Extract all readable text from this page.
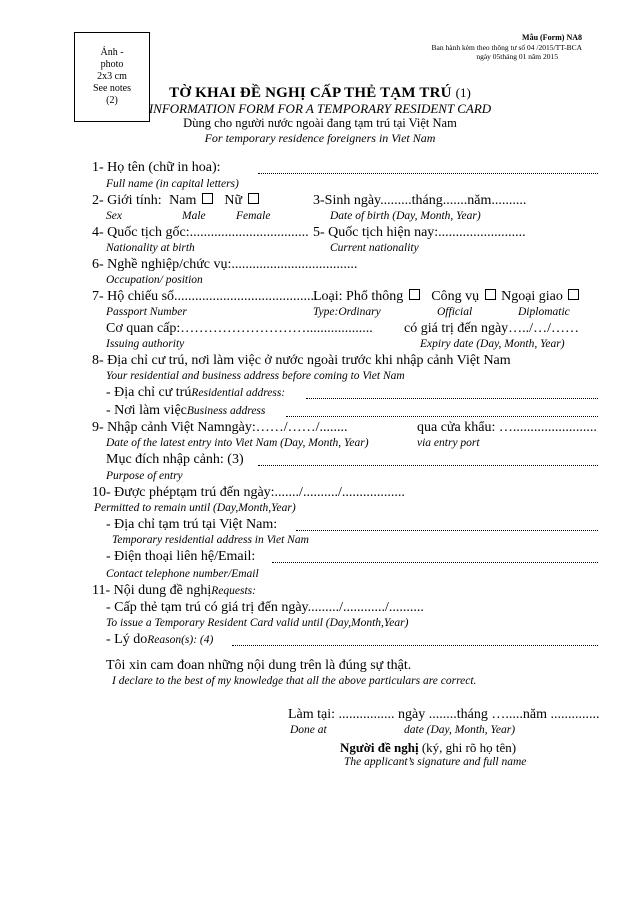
Ảnh -
photo
2x3 cm
See notes
(2)
Mẫu (Form) NA8
Ban hành kèm theo thông tư số 04 /2015/TT-BCA
ngày 05tháng 01 năm 2015
TỜ KHAI ĐỀ NGHỊ CẤP THẺ TẠM TRÚ (1)
INFORMATION FORM FOR A TEMPORARY RESIDENT CARD
Dùng cho người nước ngoài đang tạm trú tại Việt Nam
For temporary residence foreigners in Viet Nam
1- Họ tên (chữ in hoa):
Full name (in capital letters)
2- Giới tính: Nam Nữ	3-Sinh ngày.........tháng.......năm..........
Sex	Male	Female	Date of birth (Day, Month, Year)
4- Quốc tịch gốc:.................................. 5- Quốc tịch hiện nay:.........................
Nationality at birth	Current nationality
6- Nghề nghiệp/chức vụ:....................................
Occupation/ position
7- Hộ chiếu số.........................................
Loại: Phổ thông Công vụ Ngoại giao
Passport Number	Type:Ordinary	Official	Diplomatic
Cơ quan cấp:………………………................... có giá trị đến ngày…../…/……
Issuing authority	Expiry date (Day, Month, Year)
8- Địa chỉ cư trú, nơi làm việc ở nước ngoài trước khi nhập cảnh Việt Nam
Your residential and business address before coming to Viet Nam
- Địa chỉ cư trúResidential address:
- Nơi làm việcBusiness address
9- Nhập cảnh Việt Namngày:……/……/........	qua cửa khẩu: …........................
Date of the latest entry into Viet Nam (Day, Month, Year)	via entry port
Mục đích nhập cảnh: (3)
Purpose of entry
10- Được phéptạm trú đến ngày:......./........../..................
Permitted to remain until (Day,Month,Year)
- Địa chỉ tạm trú tại Việt Nam:
Temporary residential address in Viet Nam
- Điện thoại liên hệ/Email:
Contact telephone number/Email
11- Nội dung đề nghịRequests:
- Cấp thẻ tạm trú có giá trị đến ngày........./............/..........
To issue a Temporary Resident Card valid until (Day,Month,Year)
- Lý doReason(s): (4)
Tôi xin cam đoan những nội dung trên là đúng sự thật.
I declare to the best of my knowledge that all the above particulars are correct.
Làm tại: ................ ngày ........tháng ….....năm ..............
Done at	date (Day, Month, Year)
Người đề nghị (ký, ghi rõ họ tên)
The applicant’s signature and full name
